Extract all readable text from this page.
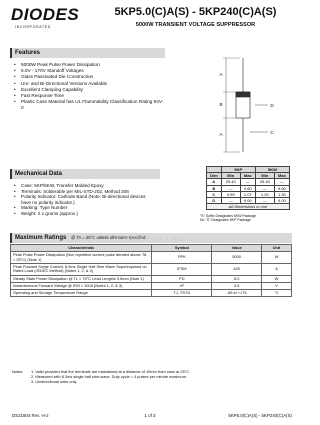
DIODES
INCORPORATED
5KP5.0(C)A(S) - 5KP240(C)A(S)
5000W TRANSIENT VOLTAGE SUPPRESSOR
Features
• 5000W Peak Pulse Power Dissipation
• 5.0V - 170V Standoff Voltages
• Glass Passivated Die Construction
• Uni- and Bi-Directional Versions Available
• Excellent Clamping Capability
• Fast Response Time
• Plastic Case Material has UL Flammability Classification Rating 94V-0
A
B
A	C
D
Mechanical Data
• Case: 5KP/5KW, Transfer Molded Epoxy
• Terminals: Solderable per MIL-STD-202, Method 208
• Polarity Indicator: Cathode Band (Note: Bi-directional devices have no polarity indicator.)
• Marking: Type Number
• Weight: 2.1 grams (approx.)
	5KP		5KW	
Dim	Min	Max	Min	Max
A	25.40	—	25.40	—
B	—	9.60	—	9.60
C	0.99	1.07	1.20	1.30
D	—	9.00	—	9.00
All Dimensions in mm				
"S" Suffix Designates 5KW Package
No "S" Designates 5KP Package
Maximum Ratings @ TA = 25°C unless otherwise specified
Н Н Ы Й П О Р Т А Л
Characteristic	Symbol	Value	Unit
Peak Pulse Power Dissipation (Non repetitive current pulse derated above TA = 25°C) (Note 1)	PPK	5000	W
Peak Forward Surge Current, 8.3ms Single Half Sine Wave Superimposed on Rated Load (JEDEC Method) (Notes 1, 2, & 3)	IFSM	400	A
Steady State Power Dissipation @ TL = 75°C Lead Lengths 9.5mm (Note 1)	PD	8.0	W
Instantaneous Forward Voltage @ IFM = 100A (Notes 1, 2, & 3)	VF	3.5	V
Operating and Storage Temperature Range	TJ, TSTG	-55 to +175	°C
Notes: 1. Valid provided that the terminals are maintained at a distance of 10mm from case at 25°C.
2. Measured with 8.3ms single half sine-wave. Duty cycle = 4 pulses per minute maximum.
3. Unidirectional units only.
DS21604 Rev. H-2	1 of 3	5KP5.0(C)A(S) - 5KP240(C)A(S)
